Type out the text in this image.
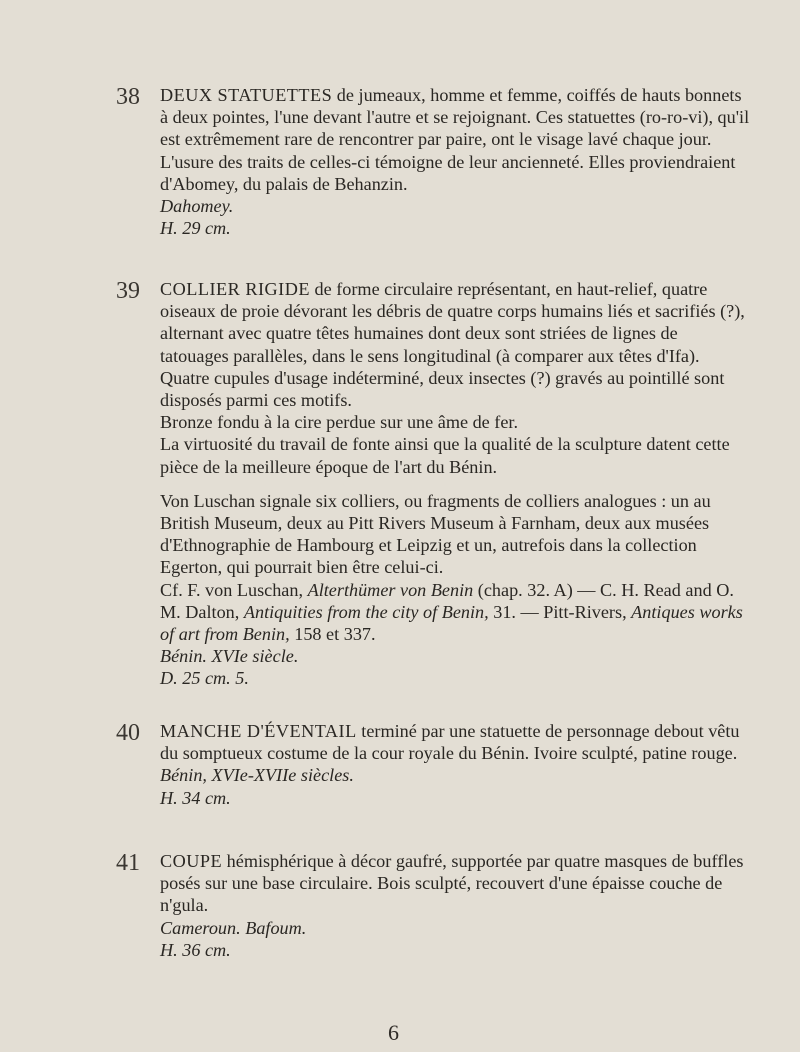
38	DEUX STATUETTES de jumeaux, homme et femme, coiffés de hauts bonnets à deux pointes, l'une devant l'autre et se rejoignant. Ces statuettes (ro-ro-vi), qu'il est extrêmement rare de rencontrer par paire, ont le visage lavé chaque jour. L'usure des traits de celles-ci témoigne de leur ancienneté. Elles proviendraient d'Abomey, du palais de Behanzin.

Dahomey.

H. 29 cm.

39	COLLIER RIGIDE de forme circulaire représentant, en haut-relief, quatre oiseaux de proie dévorant les débris de quatre corps humains liés et sacrifiés (?), alternant avec quatre têtes humaines dont deux sont striées de lignes de tatouages parallèles, dans le sens longitudinal (à comparer aux têtes d'Ifa). Quatre cupules d'usage indéterminé, deux insectes (?) gravés au pointillé sont disposés parmi ces motifs.

Bronze fondu à la cire perdue sur une âme de fer.

La virtuosité du travail de fonte ainsi que la qualité de la sculpture datent cette pièce de la meilleure époque de l'art du Bénin.

Von Luschan signale six colliers, ou fragments de colliers analogues : un au British Museum, deux au Pitt Rivers Museum à Farnham, deux aux musées d'Ethnographie de Hambourg et Leipzig et un, autrefois dans la collection Egerton, qui pourrait bien être celui-ci.

Cf. F. von Luschan, Alterthümer von Benin (chap. 32. A) — C. H. Read and O. M. Dalton, Antiquities from the city of Benin, 31. — Pitt-Rivers, Antiques works of art from Benin, 158 et 337.

Bénin. XVIe siècle.

D. 25 cm. 5.

40	MANCHE D'ÉVENTAIL terminé par une statuette de personnage debout vêtu du somptueux costume de la cour royale du Bénin. Ivoire sculpté, patine rouge.

Bénin, XVIe-XVIIe siècles.

H. 34 cm.

41	COUPE hémisphérique à décor gaufré, supportée par quatre masques de buffles posés sur une base circulaire. Bois sculpté, recouvert d'une épaisse couche de n'gula.

Cameroun. Bafoum.

H. 36 cm.

6
